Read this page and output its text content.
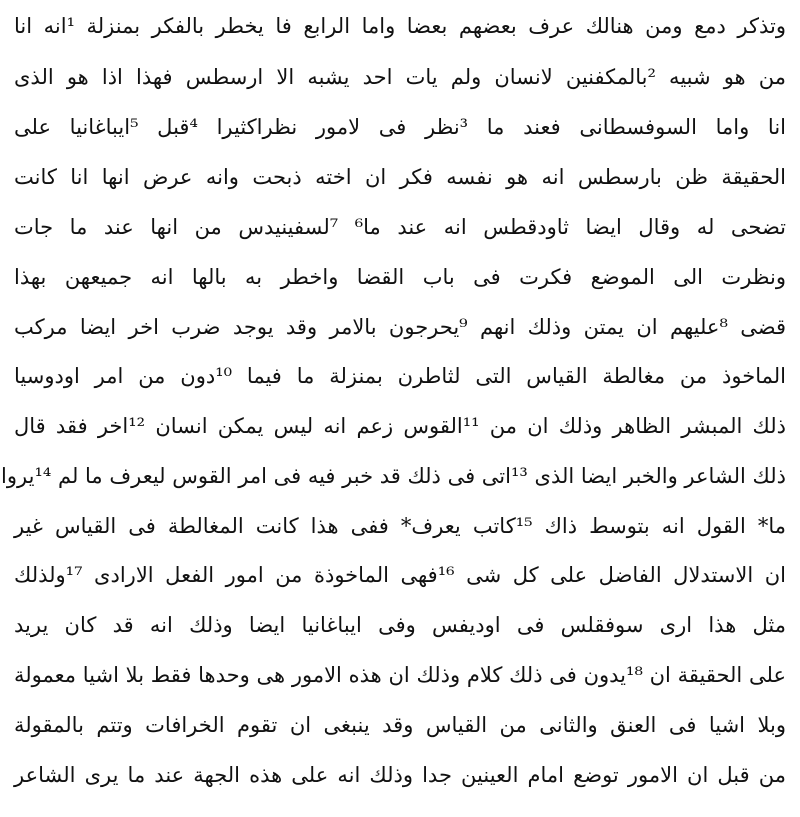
وتذكر دمع ومن هنالك عرف بعضهم بعضا واما الرابع فا يخطر بالفكر بمنزلة ¹انه انا
من هو شبيه ²بالمكفنين لانسان ولم يات احد يشبه الا ارسطس فهذا اذا هو الذى
انا واما السوفسطانى فعند ما ³نظر فى لامور نظراكثيرا ⁴قبل ⁵ايباغانيا على
الحقيقة ظن بارسطس انه هو نفسه فكر ان اخته ذبحت وانه عرض انها انا كانت
تضحى له وقال ايضا ثاودقطس انه عند ما⁶ ⁷لسفينيدس من انها عند ما جات
ونظرت الى الموضع فكرت فى باب القضا واخطر به بالها انه جميعهن بهذا
قضى ⁸عليهم ان يمتن وذلك انهم ⁹يحرجون بالامر وقد يوجد ضرب اخر ايضا مركب
الماخوذ من مغالطة القياس التى لثاطرن بمنزلة ما فيما ¹⁰دون من امر اودوسيا
ذلك المبشر الظاهر وذلك ان من ¹¹القوس زعم انه ليس يمكن انسان ¹²اخر فقد قال
ذلك الشاعر والخبر ايضا الذى ¹³اتى فى ذلك قد خبر فيه فى امر القوس ليعرف ما لم ¹⁴يروا
ما* القول انه بتوسط ذاك ¹⁵كاتب يعرف* ففى هذا كانت المغالطة فى القياس غير
ان الاستدلال الفاضل على كل شى ¹⁶فهى الماخوذة من امور الفعل الارادى ¹⁷ولذلك
مثل هذا ارى سوفقلس فى اوديفس وفى ايباغانيا ايضا وذلك انه قد كان يريد
على الحقيقة ان ¹⁸يدون فى ذلك كلام وذلك ان هذه الامور هى وحدها فقط بلا اشيا معمولة
وبلا اشيا فى العنق والثانى من القياس وقد ينبغى ان تقوم الخرافات وتتم بالمقولة
من قبل ان الامور توضع امام العينين جدا وذلك انه على هذه الجهة عند ما يرى الشاعر
